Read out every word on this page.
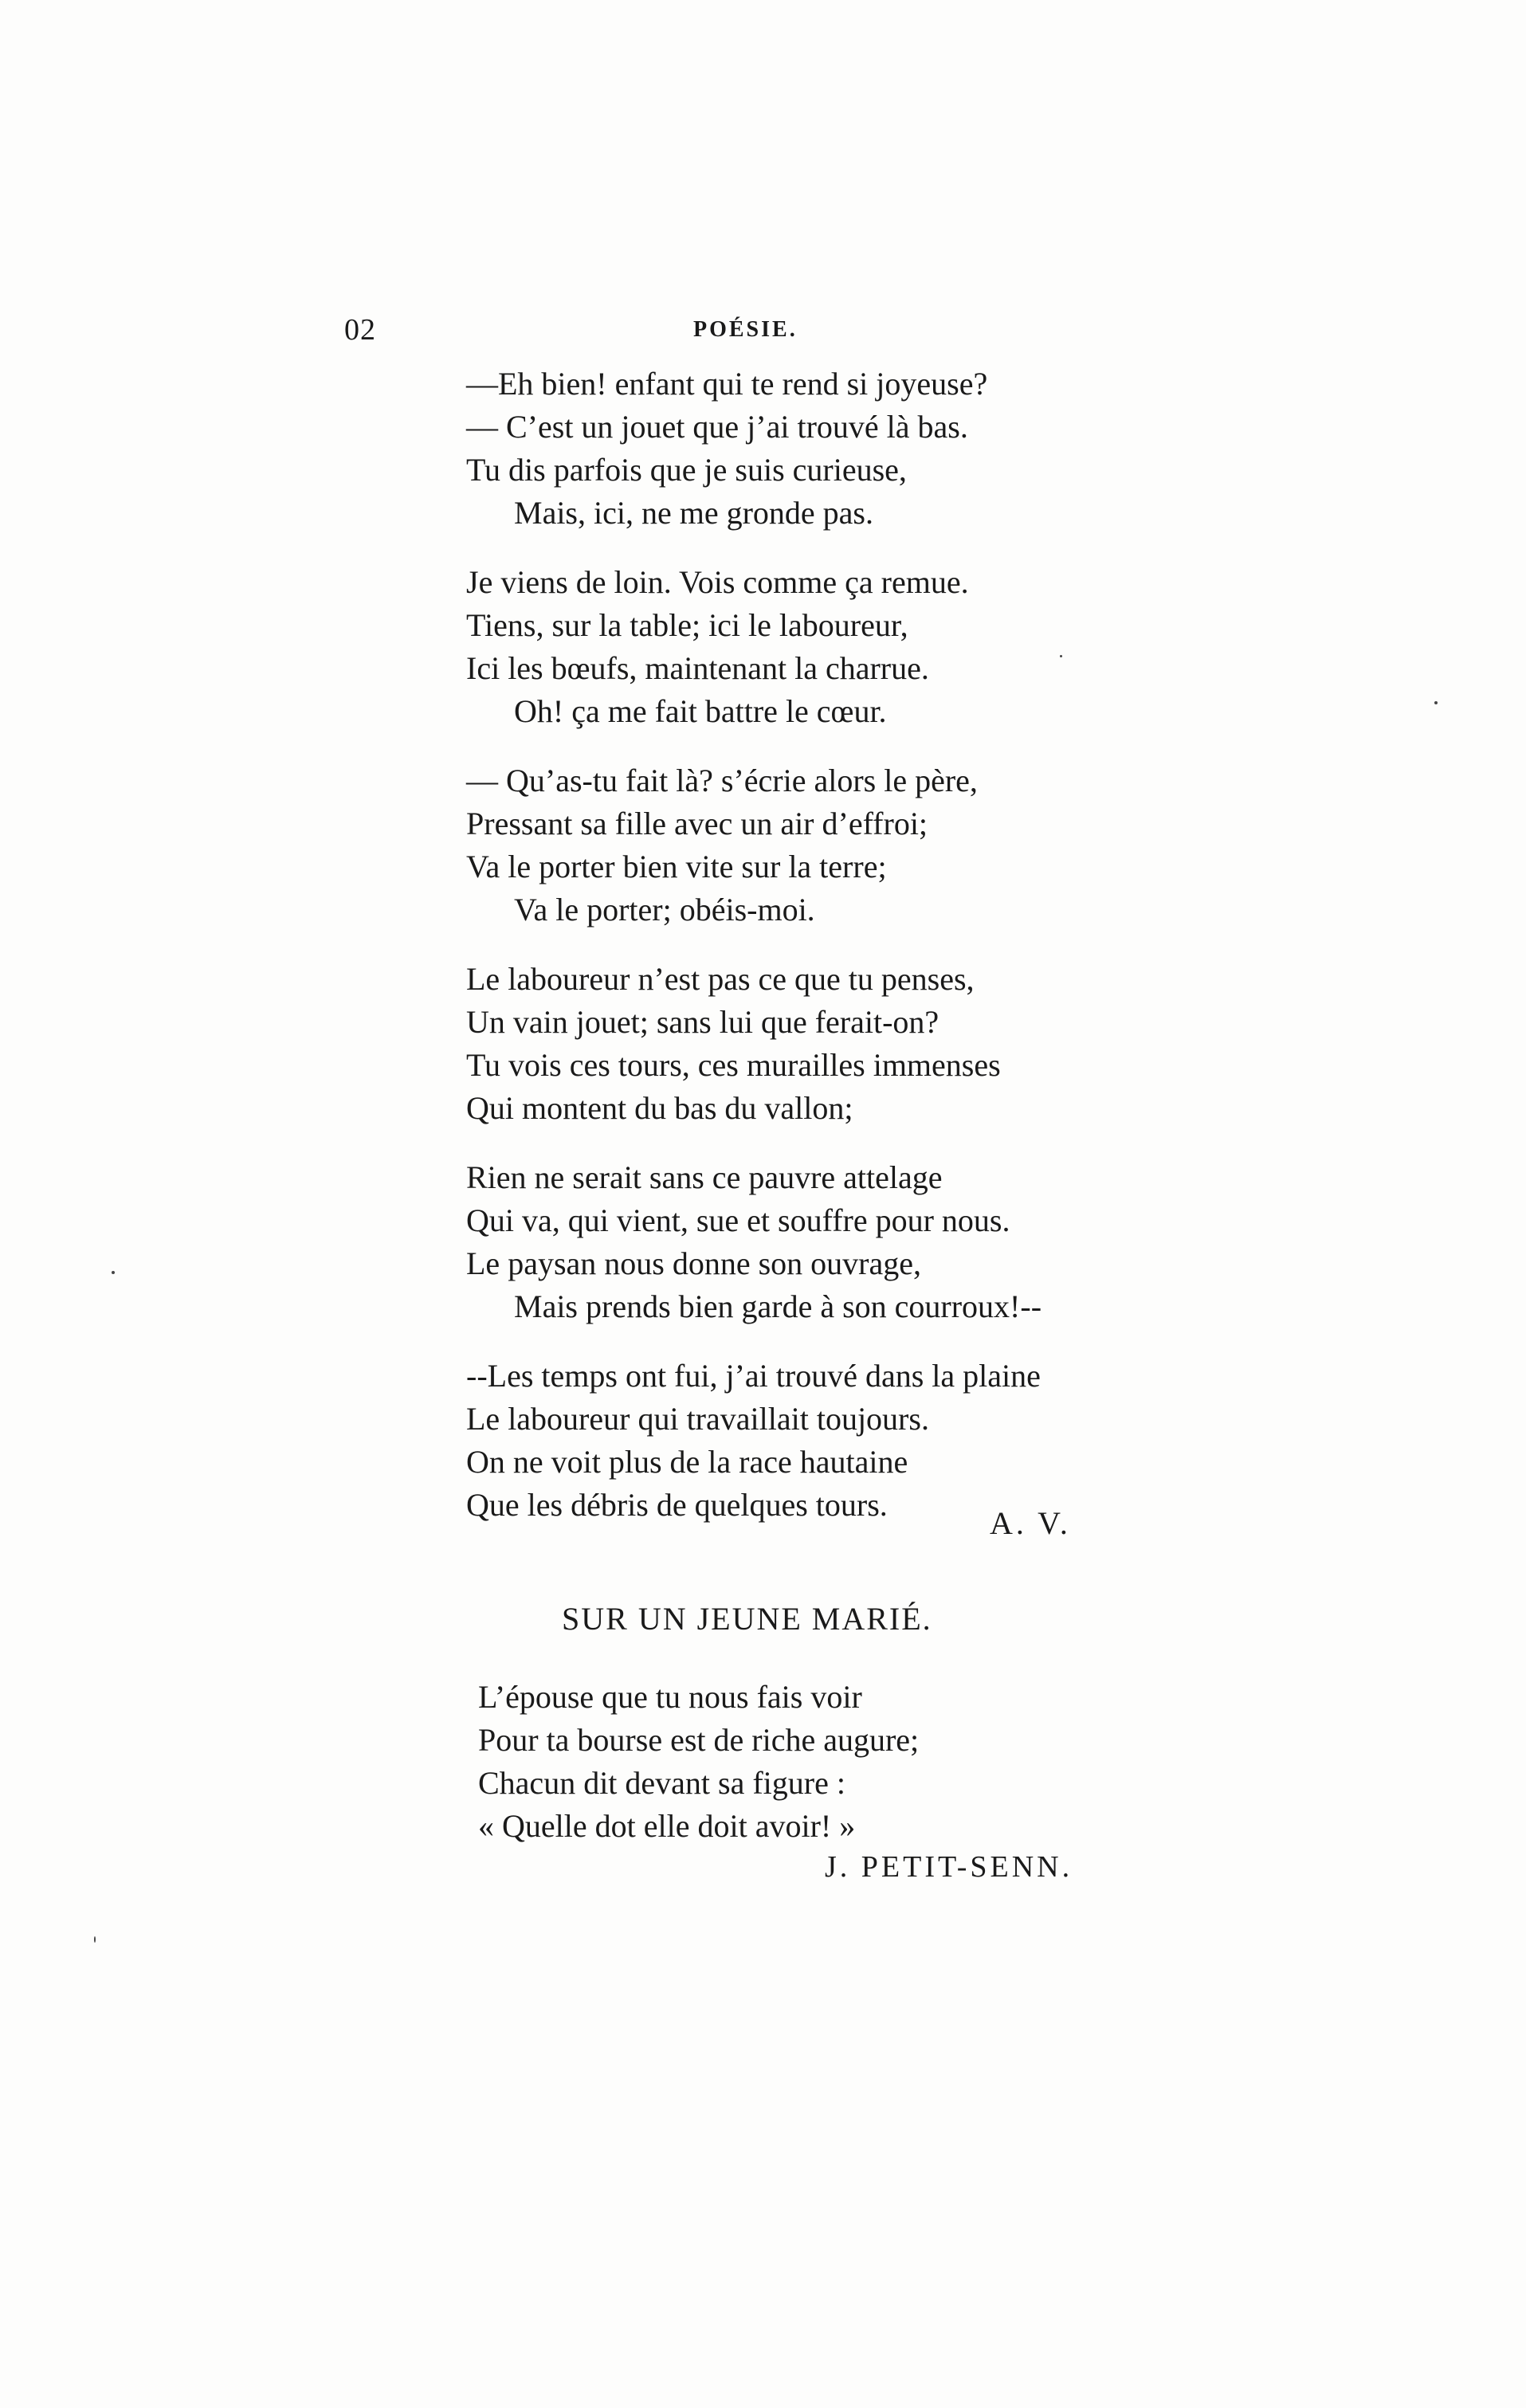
02	POÉSIE.
—Eh bien! enfant qui te rend si joyeuse?
— C’est un jouet que j’ai trouvé là bas.
Tu dis parfois que je suis curieuse,
Mais, ici, ne me gronde pas.
Je viens de loin. Vois comme ça remue.
Tiens, sur la table; ici le laboureur,
Ici les bœufs, maintenant la charrue.
Oh! ça me fait battre le cœur.
— Qu’as-tu fait là? s’écrie alors le père,
Pressant sa fille avec un air d’effroi;
Va le porter bien vite sur la terre;
Va le porter; obéis-moi.
Le laboureur n’est pas ce que tu penses,
Un vain jouet; sans lui que ferait-on?
Tu vois ces tours, ces murailles immenses
Qui montent du bas du vallon;
Rien ne serait sans ce pauvre attelage
Qui va, qui vient, sue et souffre pour nous.
Le paysan nous donne son ouvrage,
Mais prends bien garde à son courroux!--
--Les temps ont fui, j’ai trouvé dans la plaine
Le laboureur qui travaillait toujours.
On ne voit plus de la race hautaine
Que les débris de quelques tours.
A. V.
SUR UN JEUNE MARIÉ.
L’épouse que tu nous fais voir
Pour ta bourse est de riche augure;
Chacun dit devant sa figure :
« Quelle dot elle doit avoir! »
J. PETIT-SENN.
